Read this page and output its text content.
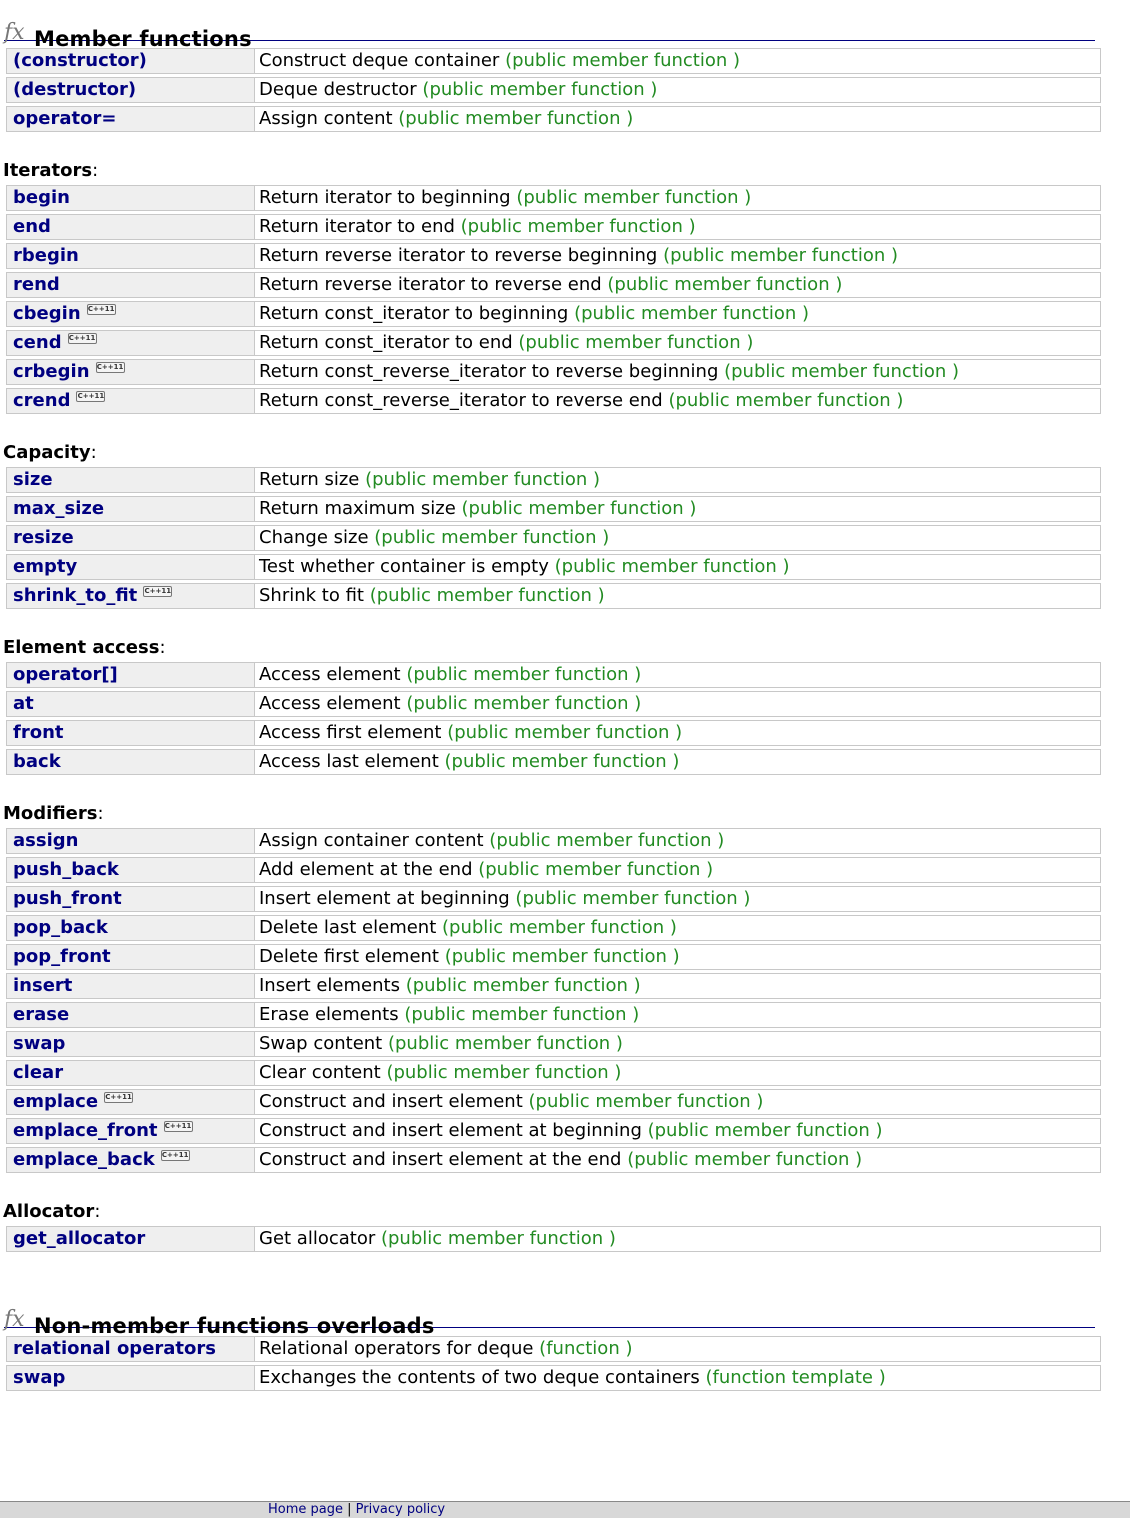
fx Member functions
(constructor)	Construct deque container (public member function )
(destructor)	Deque destructor (public member function )
operator=	Assign content (public member function )
Iterators:
begin	Return iterator to beginning (public member function )
end	Return iterator to end (public member function )
rbegin	Return reverse iterator to reverse beginning (public member function )
rend	Return reverse iterator to reverse end (public member function )
cbegin C++11	Return const_iterator to beginning (public member function )
cend C++11	Return const_iterator to end (public member function )
crbegin C++11	Return const_reverse_iterator to reverse beginning (public member function )
crend C++11	Return const_reverse_iterator to reverse end (public member function )
Capacity:
size	Return size (public member function )
max_size	Return maximum size (public member function )
resize	Change size (public member function )
empty	Test whether container is empty (public member function )
shrink_to_fit C++11	Shrink to fit (public member function )
Element access:
operator[]	Access element (public member function )
at	Access element (public member function )
front	Access first element (public member function )
back	Access last element (public member function )
Modifiers:
assign	Assign container content (public member function )
push_back	Add element at the end (public member function )
push_front	Insert element at beginning (public member function )
pop_back	Delete last element (public member function )
pop_front	Delete first element (public member function )
insert	Insert elements (public member function )
erase	Erase elements (public member function )
swap	Swap content (public member function )
clear	Clear content (public member function )
emplace C++11	Construct and insert element (public member function )
emplace_front C++11	Construct and insert element at beginning (public member function )
emplace_back C++11	Construct and insert element at the end (public member function )
Allocator:
get_allocator	Get allocator (public member function )
fx Non-member functions overloads
relational operators	Relational operators for deque (function )
swap	Exchanges the contents of two deque containers (function template )
Home page | Privacy policy
